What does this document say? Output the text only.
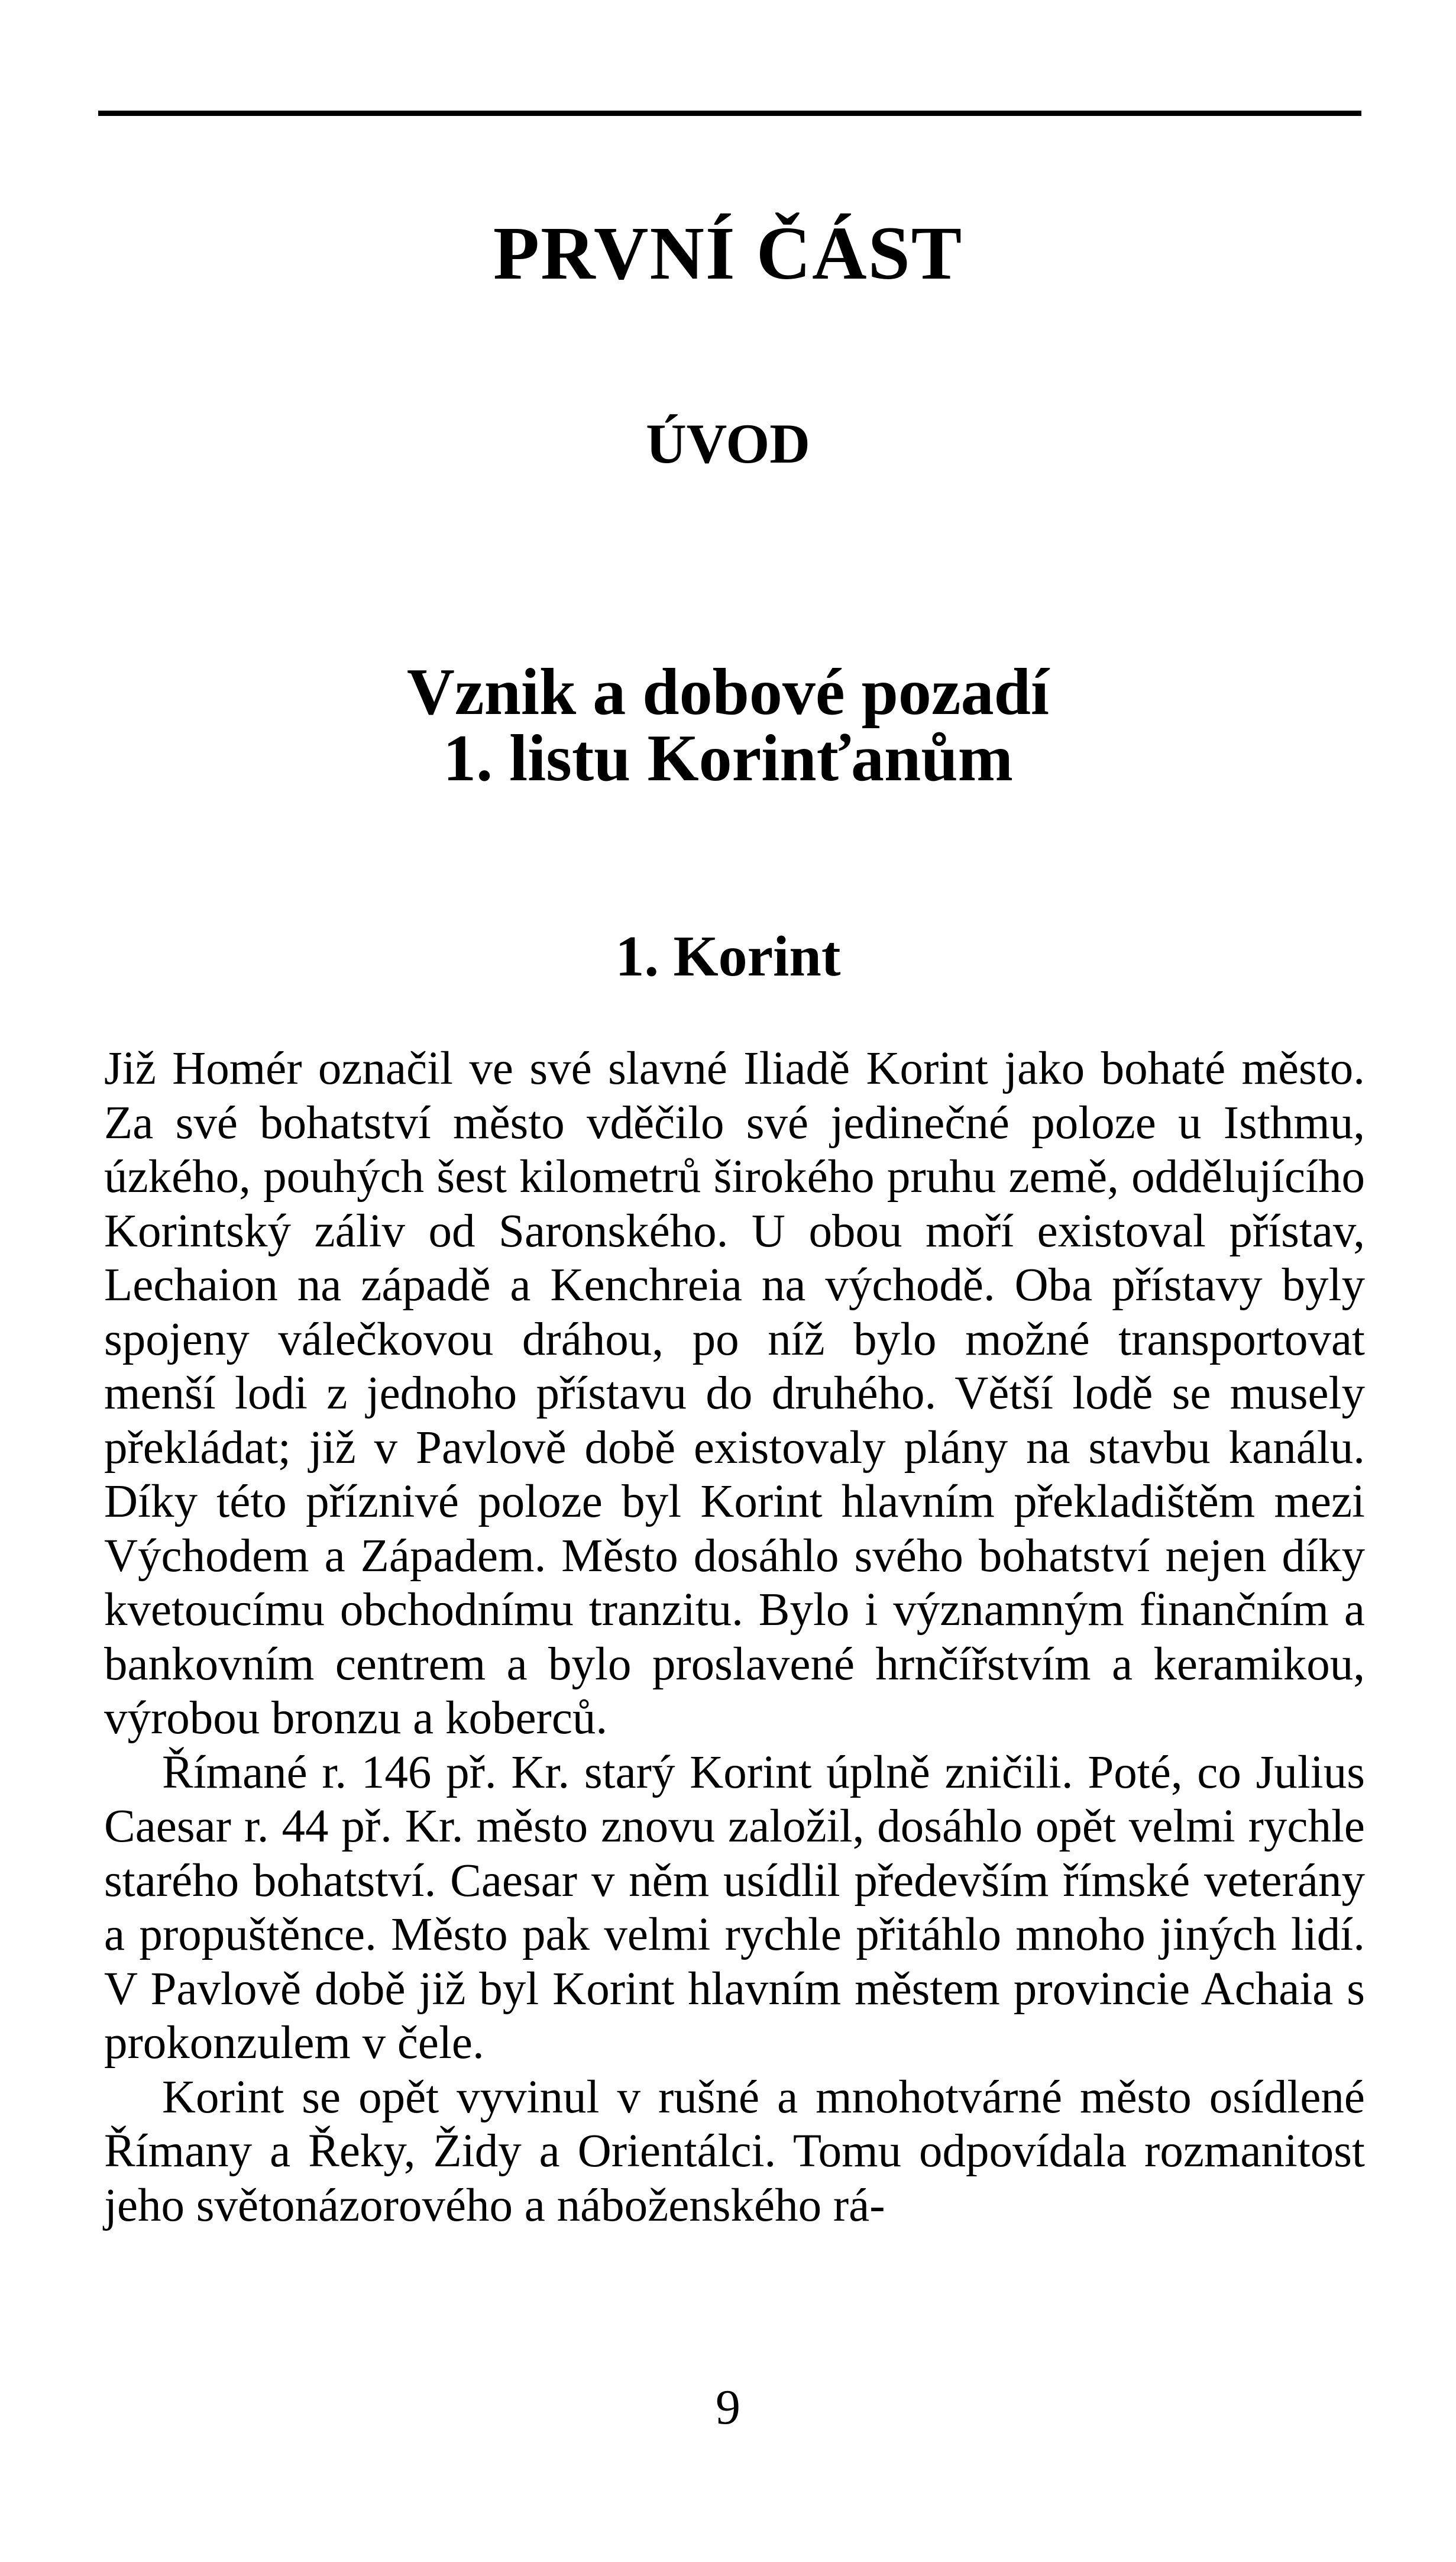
PRVNÍ ČÁST
ÚVOD
Vznik a dobové pozadí
1. listu Korinťanům
1. Korint

Již Homér označil ve své slavné Iliadě Korint jako bohaté město. Za své bohatství město vděčilo své jedinečné poloze u Isthmu, úzkého, pouhých šest kilometrů širokého pruhu země, oddělujícího Korintský záliv od Saronského. U obou moří existoval přístav, Lechaion na západě a Kenchreia na východě. Oba přístavy byly spojeny válečkovou dráhou, po níž bylo možné transportovat menší lodi z jednoho přístavu do druhého. Větší lodě se musely překládat; již v Pavlově době existovaly plány na stavbu kanálu. Díky této příznivé poloze byl Korint hlavním překladištěm mezi Východem a Západem. Město dosáhlo svého bohatství nejen díky kvetoucímu obchodnímu tranzitu. Bylo i významným finančním a bankovním centrem a bylo proslavené hrnčířstvím a keramikou, výrobou bronzu a koberců.

Římané r. 146 př. Kr. starý Korint úplně zničili. Poté, co Julius Caesar r. 44 př. Kr. město znovu založil, dosáhlo opět velmi rychle starého bohatství. Caesar v něm usídlil především římské veterány a propuštěnce. Město pak velmi rychle přitáhlo mnoho jiných lidí. V Pavlově době již byl Korint hlavním městem provincie Achaia s prokonzulem v čele.

Korint se opět vyvinul v rušné a mnohotvárné město osídlené Římany a Řeky, Židy a Orientálci. Tomu odpovídala rozmanitost jeho světonázorového a náboženského rá-

9
